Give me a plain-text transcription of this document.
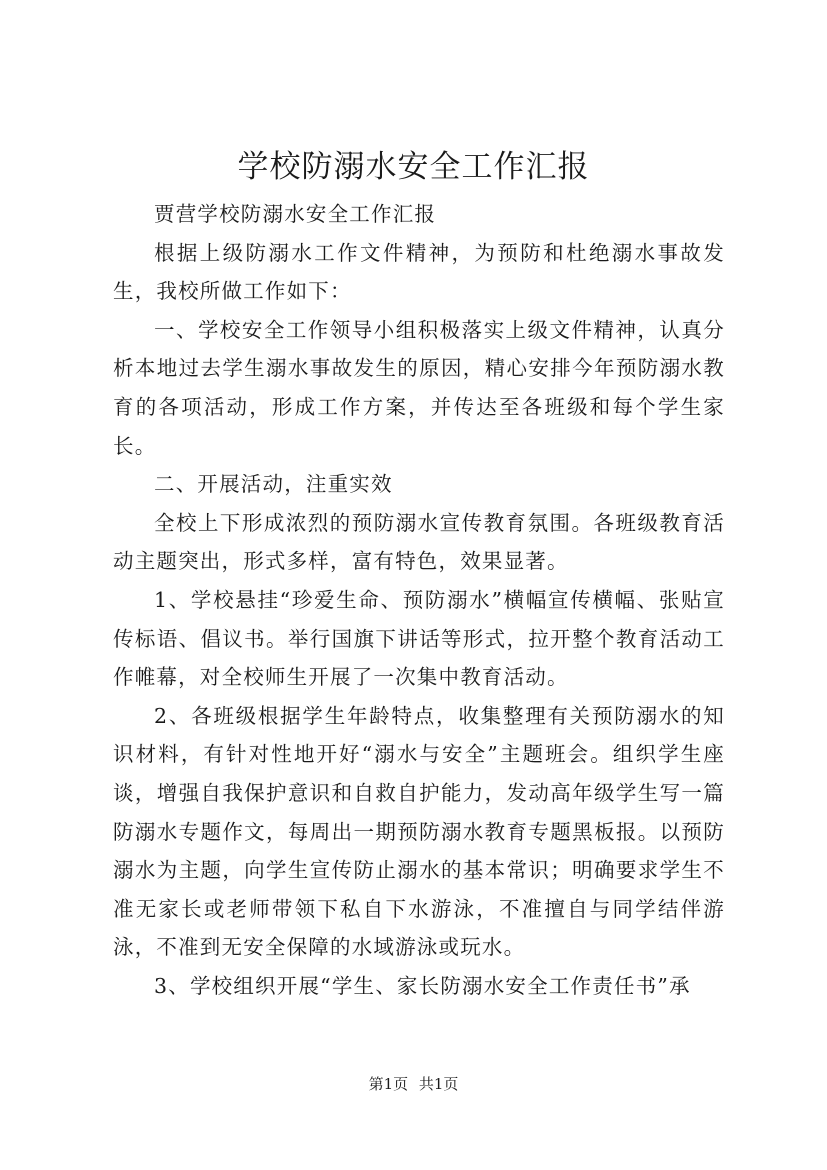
学校防溺水安全工作汇报

贾营学校防溺水安全工作汇报

根据上级防溺水工作文件精神，为预防和杜绝溺水事故发生，我校所做工作如下：

一、学校安全工作领导小组积极落实上级文件精神，认真分析本地过去学生溺水事故发生的原因，精心安排今年预防溺水教育的各项活动，形成工作方案，并传达至各班级和每个学生家长。

二、开展活动，注重实效

全校上下形成浓烈的预防溺水宣传教育氛围。各班级教育活动主题突出，形式多样，富有特色，效果显著。

1、学校悬挂“珍爱生命、预防溺水”横幅宣传横幅、张贴宣传标语、倡议书。举行国旗下讲话等形式，拉开整个教育活动工作帷幕，对全校师生开展了一次集中教育活动。

2、各班级根据学生年龄特点，收集整理有关预防溺水的知识材料，有针对性地开好“溺水与安全”主题班会。组织学生座谈，增强自我保护意识和自救自护能力，发动高年级学生写一篇防溺水专题作文，每周出一期预防溺水教育专题黑板报。以预防溺水为主题，向学生宣传防止溺水的基本常识；明确要求学生不准无家长或老师带领下私自下水游泳，不准擅自与同学结伴游泳，不准到无安全保障的水域游泳或玩水。

3、学校组织开展“学生、家长防溺水安全工作责任书”承

第1页 共1页
